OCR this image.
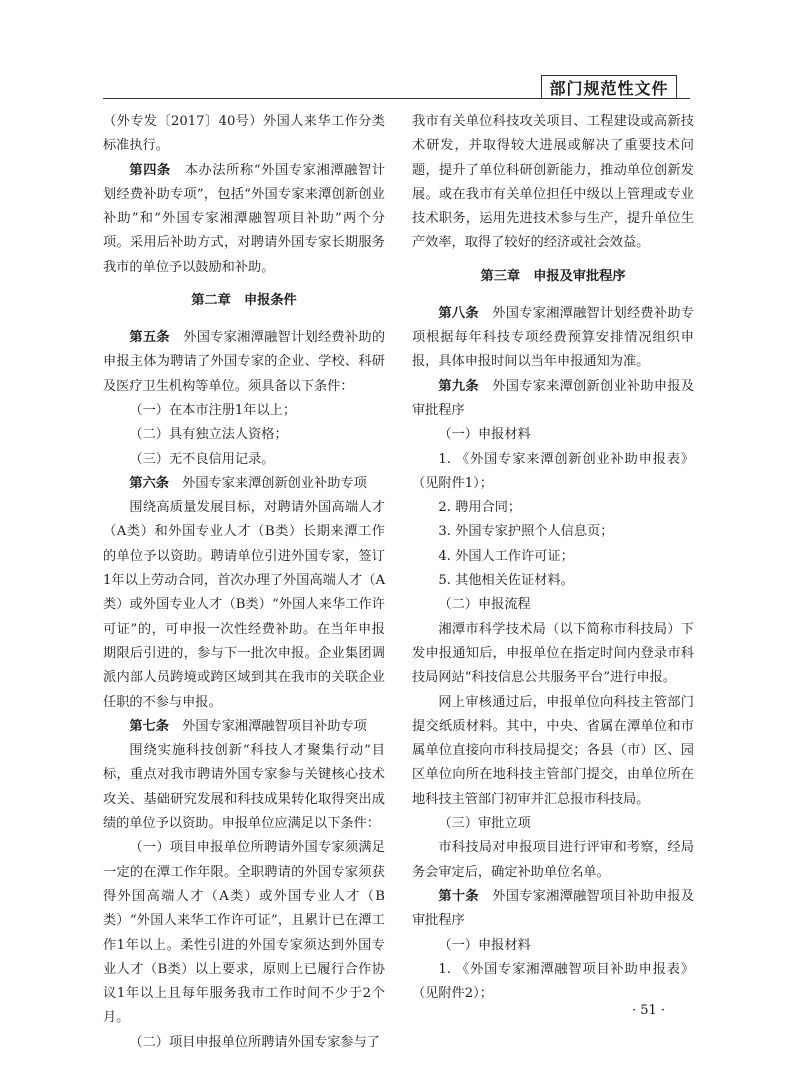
部门规范性文件

（外专发〔2017〕40号）外国人来华工作分类标准执行。

第四条　 本办法所称“外国专家湘潭融智计划经费补助专项”，包括“外国专家来潭创新创业补助”和“外国专家湘潭融智项目补助”两个分项。采用后补助方式，对聘请外国专家长期服务我市的单位予以鼓励和补助。

第二章　申报条件

第五条　 外国专家湘潭融智计划经费补助的申报主体为聘请了外国专家的企业、学校、科研及医疗卫生机构等单位。须具备以下条件：

（一）在本市注册1年以上；

（二）具有独立法人资格；

（三）无不良信用记录。

第六条　 外国专家来潭创新创业补助专项

围绕高质量发展目标，对聘请外国高端人才（A类）和外国专业人才（B类）长期来潭工作的单位予以资助。聘请单位引进外国专家，签订1年以上劳动合同，首次办理了外国高端人才（A类）或外国专业人才（B类）“外国人来华工作许可证”的，可申报一次性经费补助。在当年申报期限后引进的，参与下一批次申报。企业集团调派内部人员跨境或跨区域到其在我市的关联企业任职的不参与申报。

第七条　 外国专家湘潭融智项目补助专项

围绕实施科技创新“科技人才聚集行动”目标，重点对我市聘请外国专家参与关键核心技术攻关、基础研究发展和科技成果转化取得突出成绩的单位予以资助。申报单位应满足以下条件：

（一）项目申报单位所聘请外国专家须满足一定的在潭工作年限。全职聘请的外国专家须获得外国高端人才（A类）或外国专业人才（B类）“外国人来华工作许可证”，且累计已在潭工作1年以上。柔性引进的外国专家须达到外国专业人才（B类）以上要求，原则上已履行合作协议1年以上且每年服务我市工作时间不少于2个月。

（二）项目申报单位所聘请外国专家参与了

我市有关单位科技攻关项目、工程建设或高新技术研发，并取得较大进展或解决了重要技术问题，提升了单位科研创新能力，推动单位创新发展。或在我市有关单位担任中级以上管理或专业技术职务，运用先进技术参与生产，提升单位生产效率，取得了较好的经济或社会效益。

第三章　申报及审批程序

第八条　 外国专家湘潭融智计划经费补助专项根据每年科技专项经费预算安排情况组织申报，具体申报时间以当年申报通知为准。

第九条　 外国专家来潭创新创业补助申报及审批程序

（一）申报材料

1. 《外国专家来潭创新创业补助申报表》（见附件1）；

2. 聘用合同；

3. 外国专家护照个人信息页；

4. 外国人工作许可证；

5. 其他相关佐证材料。

（二）申报流程

湘潭市科学技术局（以下简称市科技局）下发申报通知后，申报单位在指定时间内登录市科技局网站“科技信息公共服务平台”进行申报。

网上审核通过后，申报单位向科技主管部门提交纸质材料。其中，中央、省属在潭单位和市属单位直接向市科技局提交；各县（市）区、园区单位向所在地科技主管部门提交，由单位所在地科技主管部门初审并汇总报市科技局。

（三）审批立项

市科技局对申报项目进行评审和考察，经局务会审定后，确定补助单位名单。

第十条　 外国专家湘潭融智项目补助申报及审批程序

（一）申报材料

1. 《外国专家湘潭融智项目补助申报表》（见附件2）；

· 51 ·
